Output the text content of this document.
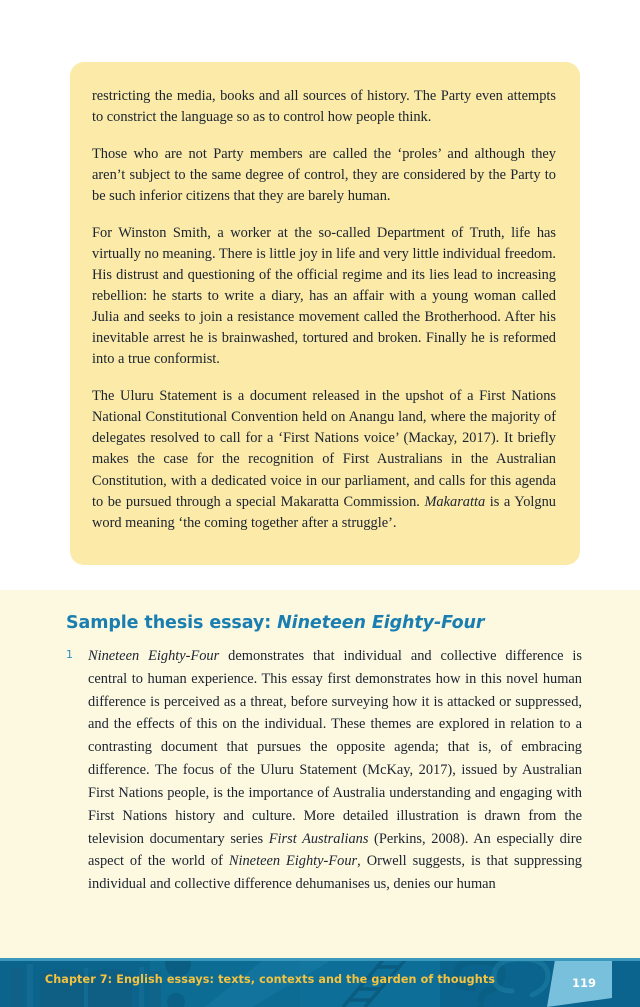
restricting the media, books and all sources of history. The Party even attempts to constrict the language so as to control how people think.

Those who are not Party members are called the ‘proles’ and although they aren’t subject to the same degree of control, they are considered by the Party to be such inferior citizens that they are barely human.

For Winston Smith, a worker at the so-called Department of Truth, life has virtually no meaning. There is little joy in life and very little individual freedom. His distrust and questioning of the official regime and its lies lead to increasing rebellion: he starts to write a diary, has an affair with a young woman called Julia and seeks to join a resistance movement called the Brotherhood. After his inevitable arrest he is brainwashed, tortured and broken. Finally he is reformed into a true conformist.

The Uluru Statement is a document released in the upshot of a First Nations National Constitutional Convention held on Anangu land, where the majority of delegates resolved to call for a ‘First Nations voice’ (Mackay, 2017). It briefly makes the case for the recognition of First Australians in the Australian Constitution, with a dedicated voice in our parliament, and calls for this agenda to be pursued through a special Makaratta Commission. Makaratta is a Yolgnu word meaning ‘the coming together after a struggle’.

Sample thesis essay: Nineteen Eighty-Four
1	Nineteen Eighty-Four demonstrates that individual and collective difference is central to human experience. This essay first demonstrates how in this novel human difference is perceived as a threat, before surveying how it is attacked or suppressed, and the effects of this on the individual. These themes are explored in relation to a contrasting document that pursues the opposite agenda; that is, of embracing difference. The focus of the Uluru Statement (McKay, 2017), issued by Australian First Nations people, is the importance of Australia understanding and engaging with First Nations history and culture. More detailed illustration is drawn from the television documentary series First Australians (Perkins, 2008). An especially dire aspect of the world of Nineteen Eighty-Four, Orwell suggests, is that suppressing individual and collective difference dehumanises us, denies our human

Chapter 7: English essays: texts, contexts and the garden of thoughts	119
